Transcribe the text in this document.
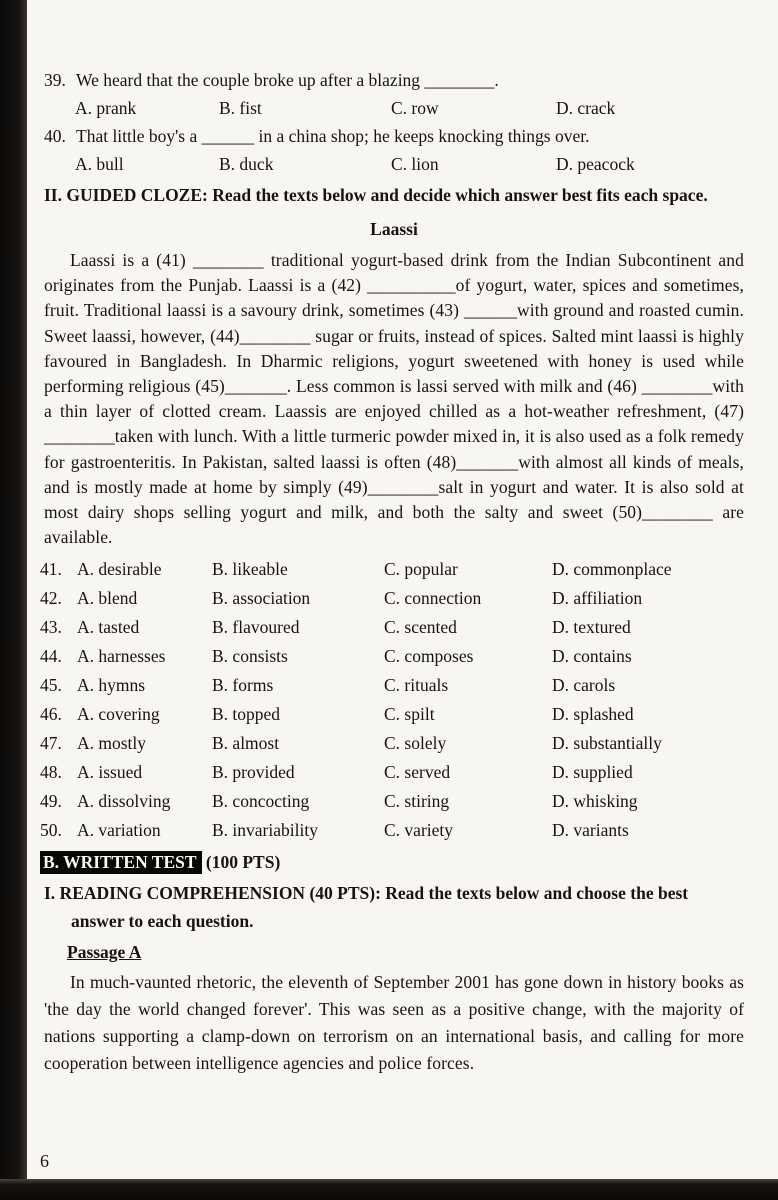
39. We heard that the couple broke up after a blazing ________.
A. prank	B. fist	C. row	D. crack
40. That little boy's a ______ in a china shop; he keeps knocking things over.
A. bull	B. duck	C. lion	D. peacock
II. GUIDED CLOZE: Read the texts below and decide which answer best fits each space.
Laassi
Laassi is a (41) ________ traditional yogurt-based drink from the Indian Subcontinent and originates from the Punjab. Laassi is a (42) __________of yogurt, water, spices and sometimes, fruit. Traditional laassi is a savoury drink, sometimes (43) ______with ground and roasted cumin. Sweet laassi, however, (44)________ sugar or fruits, instead of spices. Salted mint laassi is highly favoured in Bangladesh. In Dharmic religions, yogurt sweetened with honey is used while performing religious (45)_______. Less common is lassi served with milk and (46) ________with a thin layer of clotted cream. Laassis are enjoyed chilled as a hot-weather refreshment, (47) ________taken with lunch. With a little turmeric powder mixed in, it is also used as a folk remedy for gastroenteritis. In Pakistan, salted laassi is often (48)_______with almost all kinds of meals, and is mostly made at home by simply (49)________salt in yogurt and water. It is also sold at most dairy shops selling yogurt and milk, and both the salty and sweet (50)________ are available.
41. A. desirable	B. likeable	C. popular	D. commonplace
42. A. blend	B. association	C. connection	D. affiliation
43. A. tasted	B. flavoured	C. scented	D. textured
44. A. harnesses	B. consists	C. composes	D. contains
45. A. hymns	B. forms	C. rituals	D. carols
46. A. covering	B. topped	C. spilt	D. splashed
47. A. mostly	B. almost	C. solely	D. substantially
48. A. issued	B. provided	C. served	D. supplied
49. A. dissolving	B. concocting	C. stiring	D. whisking
50. A. variation	B. invariability	C. variety	D. variants
B. WRITTEN TEST (100 PTS)
I. READING COMPREHENSION (40 PTS): Read the texts below and choose the best answer to each question.
Passage A
In much-vaunted rhetoric, the eleventh of September 2001 has gone down in history books as 'the day the world changed forever'. This was seen as a positive change, with the majority of nations supporting a clamp-down on terrorism on an international basis, and calling for more cooperation between intelligence agencies and police forces.
6
